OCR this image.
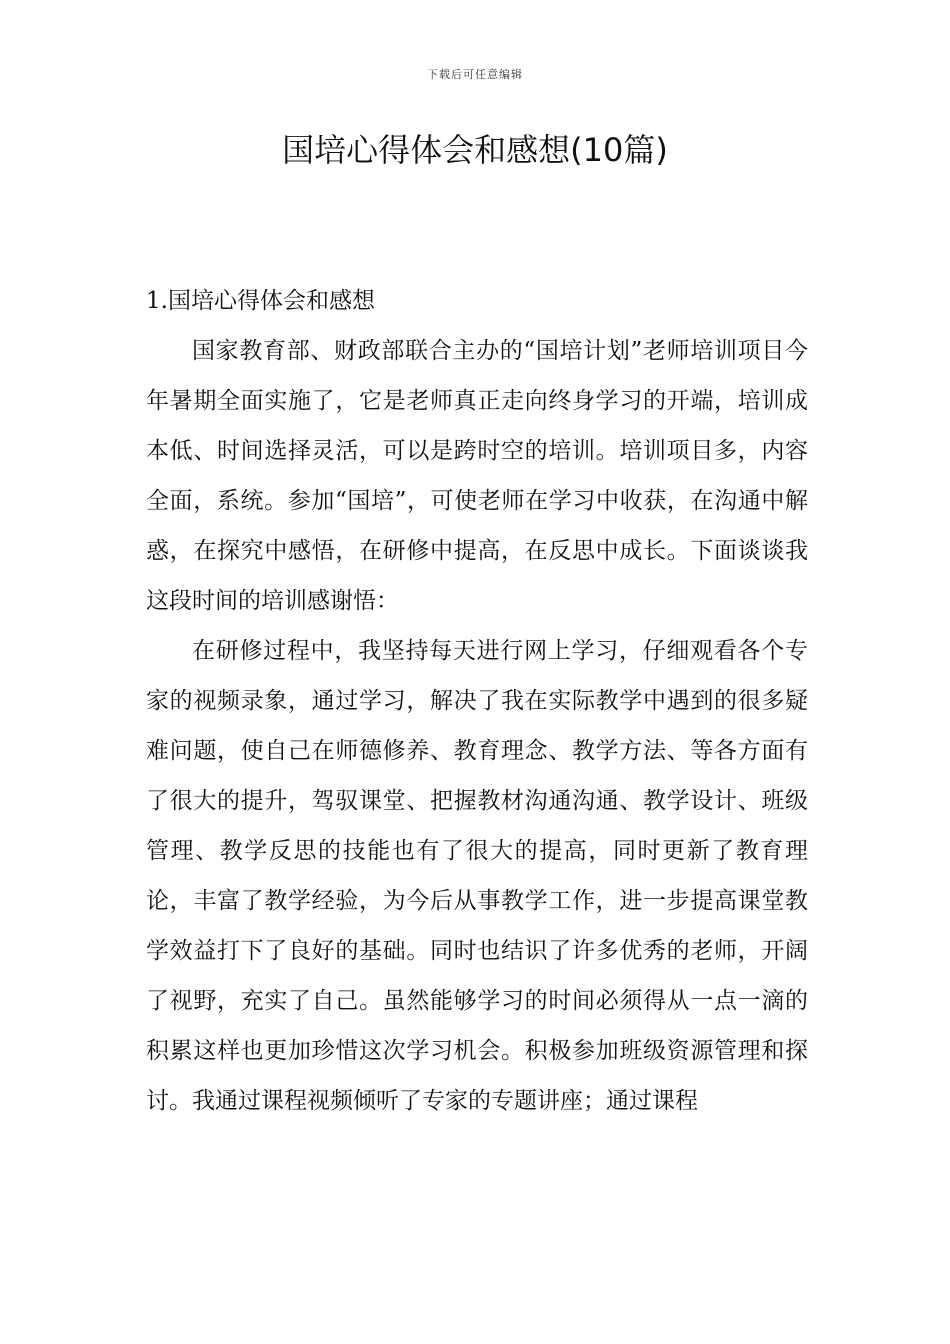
下载后可任意编辑
国培心得体会和感想(10篇)

1.国培心得体会和感想

国家教育部、财政部联合主办的“国培计划”老师培训项目今年暑期全面实施了，它是老师真正走向终身学习的开端，培训成本低、时间选择灵活，可以是跨时空的培训。培训项目多，内容全面，系统。参加“国培”，可使老师在学习中收获，在沟通中解惑，在探究中感悟，在研修中提高，在反思中成长。下面谈谈我这段时间的培训感谢悟：

在研修过程中，我坚持每天进行网上学习，仔细观看各个专家的视频录象，通过学习，解决了我在实际教学中遇到的很多疑难问题，使自己在师德修养、教育理念、教学方法、等各方面有了很大的提升，驾驭课堂、把握教材沟通沟通、教学设计、班级管理、教学反思的技能也有了很大的提高，同时更新了教育理论，丰富了教学经验，为今后从事教学工作，进一步提高课堂教学效益打下了良好的基础。同时也结识了许多优秀的老师，开阔了视野，充实了自己。虽然能够学习的时间必须得从一点一滴的积累这样也更加珍惜这次学习机会。积极参加班级资源管理和探讨。我通过课程视频倾听了专家的专题讲座；通过课程
